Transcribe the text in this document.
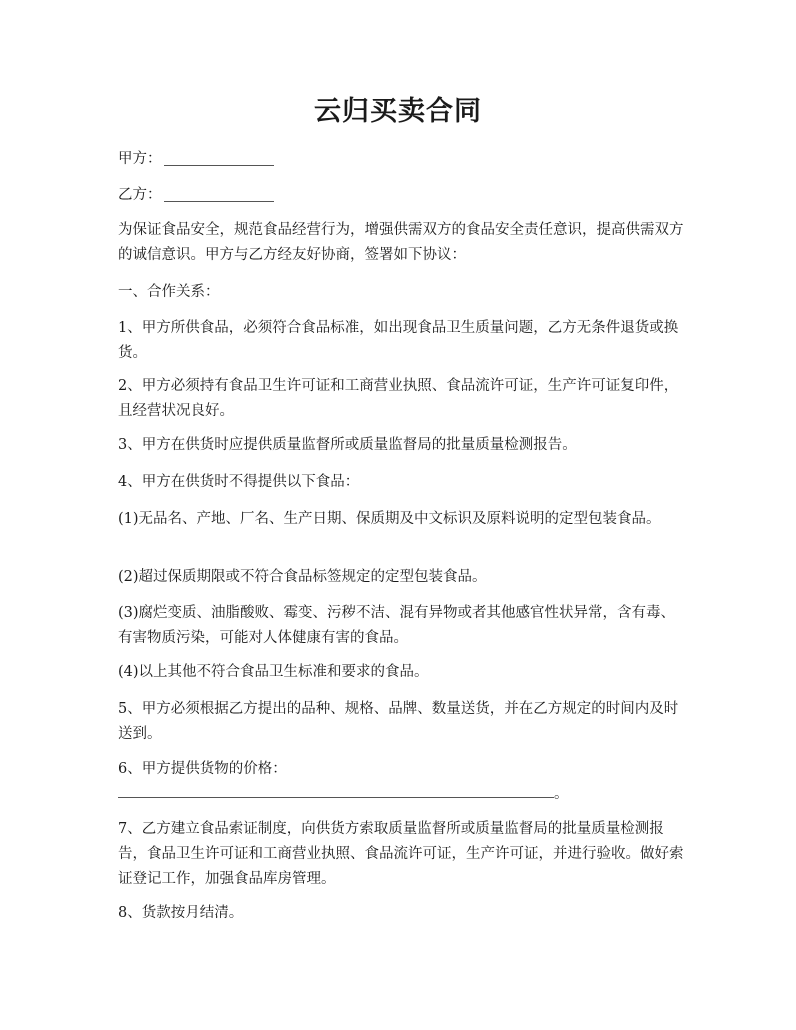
云归买卖合同

甲方：

乙方：

为保证食品安全，规范食品经营行为，增强供需双方的食品安全责任意识，提高供需双方的诚信意识。甲方与乙方经友好协商，签署如下协议：

一、合作关系：

1、甲方所供食品，必须符合食品标准，如出现食品卫生质量问题，乙方无条件退货或换货。

2、甲方必须持有食品卫生许可证和工商营业执照、食品流许可证，生产许可证复印件，且经营状况良好。

3、甲方在供货时应提供质量监督所或质量监督局的批量质量检测报告。

4、甲方在供货时不得提供以下食品：

(1)无品名、产地、厂名、生产日期、保质期及中文标识及原料说明的定型包装食品。

(2)超过保质期限或不符合食品标签规定的定型包装食品。

(3)腐烂变质、油脂酸败、霉变、污秽不洁、混有异物或者其他感官性状异常，含有毒、有害物质污染，可能对人体健康有害的食品。

(4)以上其他不符合食品卫生标准和要求的食品。

5、甲方必须根据乙方提出的品种、规格、品牌、数量送货，并在乙方规定的时间内及时送到。

6、甲方提供货物的价格：

。

7、乙方建立食品索证制度，向供货方索取质量监督所或质量监督局的批量质量检测报告，食品卫生许可证和工商营业执照、食品流许可证，生产许可证，并进行验收。做好索证登记工作，加强食品库房管理。

8、货款按月结清。
